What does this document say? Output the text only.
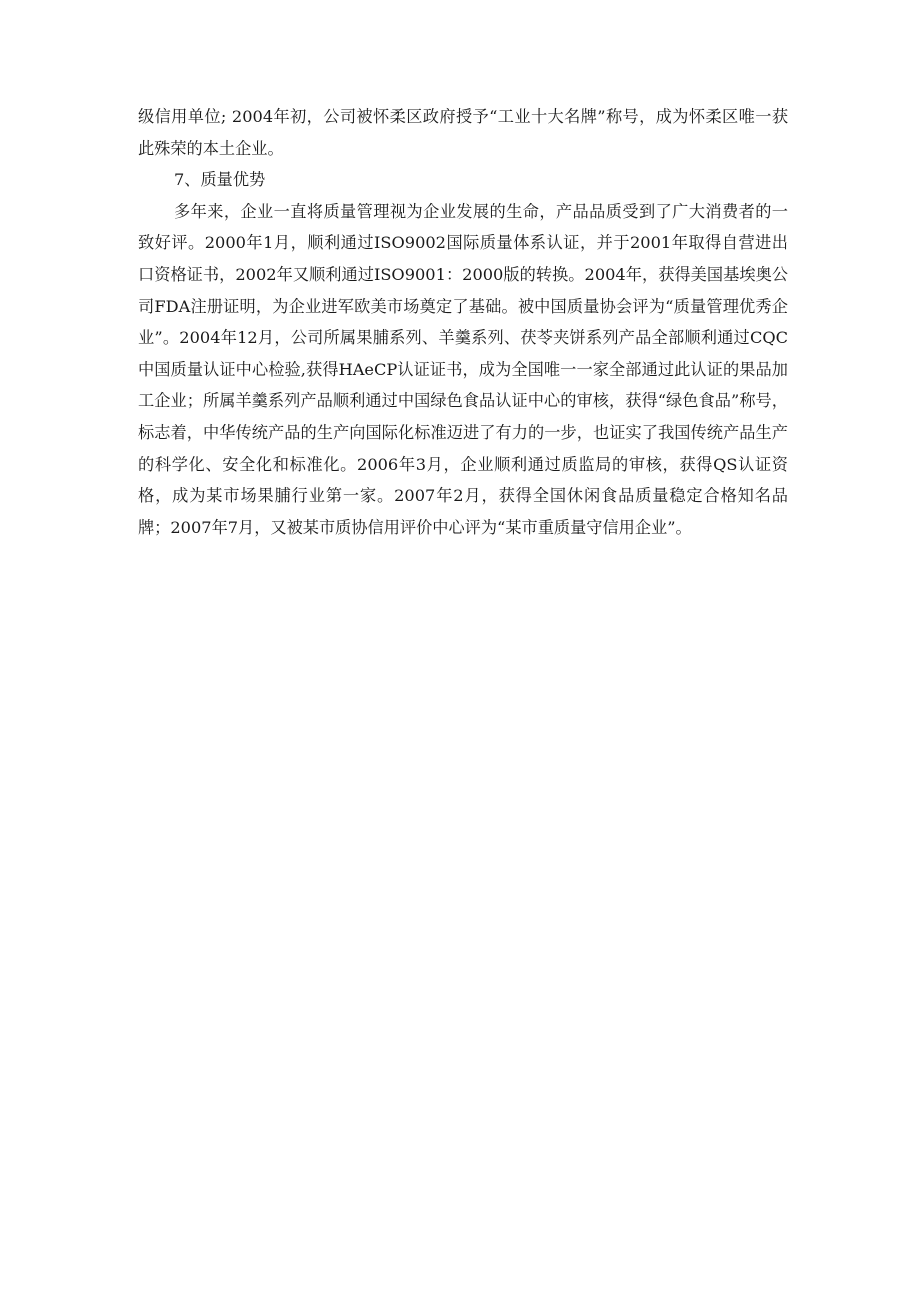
级信用单位; 2004年初，公司被怀柔区政府授予“工业十大名牌”称号，成为怀柔区唯一获此殊荣的本土企业。

7、质量优势

多年来，企业一直将质量管理视为企业发展的生命，产品品质受到了广大消费者的一致好评。2000年1月，顺利通过ISO9002国际质量体系认证，并于2001年取得自营进出口资格证书，2002年又顺利通过ISO9001：2000版的转换。2004年，获得美国基埃奥公司FDA注册证明，为企业进军欧美市场奠定了基础。被中国质量协会评为“质量管理优秀企业”。2004年12月，公司所属果脯系列、羊羹系列、茯苓夹饼系列产品全部顺利通过CQC中国质量认证中心检验,获得HAeCP认证证书，成为全国唯一一家全部通过此认证的果品加工企业；所属羊羹系列产品顺利通过中国绿色食品认证中心的审核，获得“绿色食品”称号，标志着，中华传统产品的生产向国际化标准迈进了有力的一步，也证实了我国传统产品生产的科学化、安全化和标准化。2006年3月，企业顺利通过质监局的审核，获得QS认证资格，成为某市场果脯行业第一家。2007年2月，获得全国休闲食品质量稳定合格知名品牌；2007年7月，又被某市质协信用评价中心评为“某市重质量守信用企业”。
